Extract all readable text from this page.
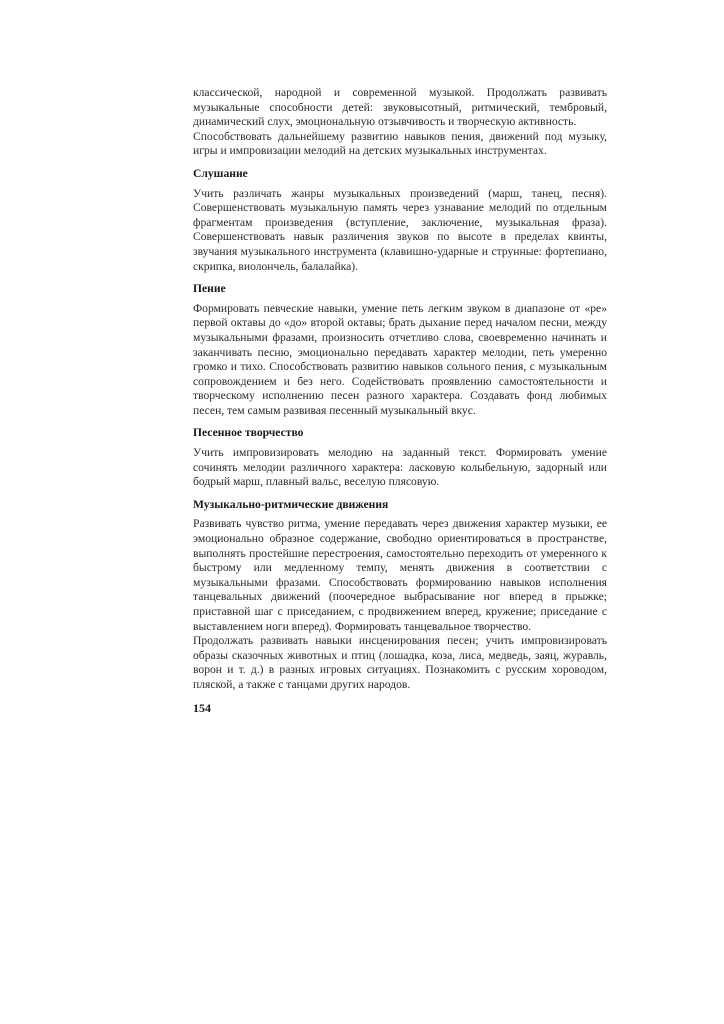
классической, народной и современной музыкой. Продолжать развивать музыкальные способности детей: звуковысотный, ритмический, тембровый, динамический слух, эмоциональную отзывчивость и творческую активность.

Способствовать дальнейшему развитию навыков пения, движений под музыку, игры и импровизации мелодий на детских музыкальных инструментах.

Слушание

Учить различать жанры музыкальных произведений (марш, танец, песня). Совершенствовать музыкальную память через узнавание мелодий по отдельным фрагментам произведения (вступление, заключение, музыкальная фраза). Совершенствовать навык различения звуков по высоте в пределах квинты, звучания музыкального инструмента (клавишно-ударные и струнные: фортепиано, скрипка, виолончель, балалайка).

Пение

Формировать певческие навыки, умение петь легким звуком в диапазоне от «ре» первой октавы до «до» второй октавы; брать дыхание перед началом песни, между музыкальными фразами, произносить отчетливо слова, своевременно начинать и заканчивать песню, эмоционально передавать характер мелодии, петь умеренно громко и тихо. Способствовать развитию навыков сольного пения, с музыкальным сопровождением и без него. Содействовать проявлению самостоятельности и творческому исполнению песен разного характера. Создавать фонд любимых песен, тем самым развивая песенный музыкальный вкус.

Песенное творчество

Учить импровизировать мелодию на заданный текст. Формировать умение сочинять мелодии различного характера: ласковую колыбельную, задорный или бодрый марш, плавный вальс, веселую плясовую.

Музыкально-ритмические движения

Развивать чувство ритма, умение передавать через движения характер музыки, ее эмоционально образное содержание, свободно ориентироваться в пространстве, выполнять простейшие перестроения, самостоятельно переходить от умеренного к быстрому или медленному темпу, менять движения в соответствии с музыкальными фразами. Способствовать формированию навыков исполнения танцевальных движений (поочередное выбрасывание ног вперед в прыжке; приставной шаг с приседанием, с продвижением вперед, кружение; приседание с выставлением ноги вперед). Формировать танцевальное творчество.

Продолжать развивать навыки инсценирования песен; учить импровизировать образы сказочных животных и птиц (лошадка, коза, лиса, медведь, заяц, журавль, ворон и т. д.) в разных игровых ситуациях. Познакомить с русским хороводом, пляской, а также с танцами других народов.

154
